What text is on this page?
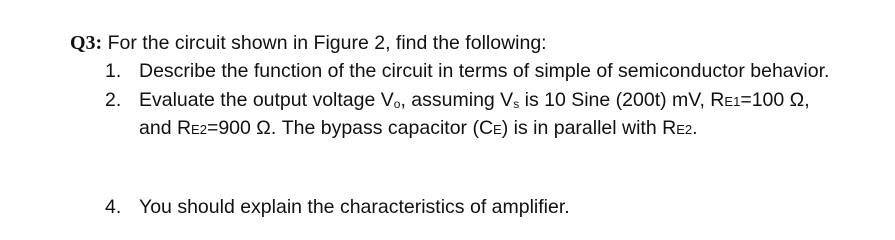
Q3: For the circuit shown in Figure 2, find the following:
1. Describe the function of the circuit in terms of simple of semiconductor behavior.
2. Evaluate the output voltage Vo, assuming Vs is 10 Sine (200t) mV, RE1=100 Ω,
and RE2=900 Ω. The bypass capacitor (CE) is in parallel with RE2.
4. You should explain the characteristics of amplifier.
